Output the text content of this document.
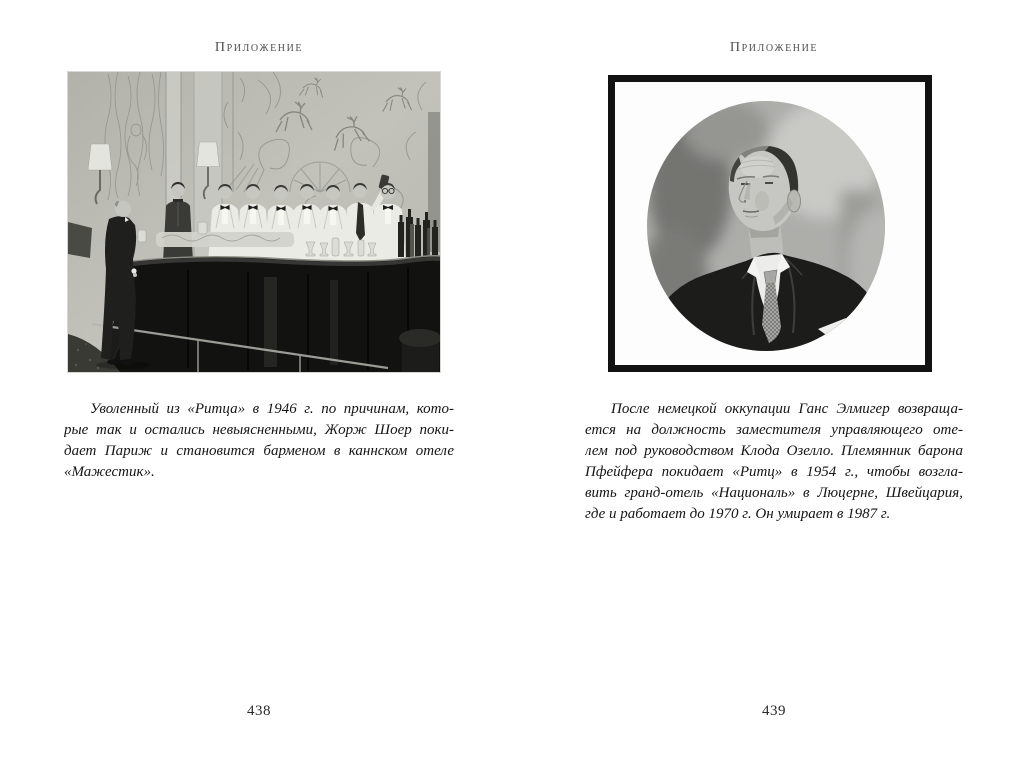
Приложение
Уволенный из «Ритца» в 1946 г. по причинам, кото-
рые так и остались невыясненными, Жорж Шоер поки-
дает Париж и становится барменом в каннском отеле
«Мажестик».
438
Приложение
После немецкой оккупации Ганс Элмигер возвраща-
ется на должность заместителя управляющего оте-
лем под руководством Клода Озелло. Племянник барона
Пфейфера покидает «Ритц» в 1954 г., чтобы возгла-
вить гранд-отель «Националь» в Люцерне, Швейцария,
где и работает до 1970 г. Он умирает в 1987 г.
439
